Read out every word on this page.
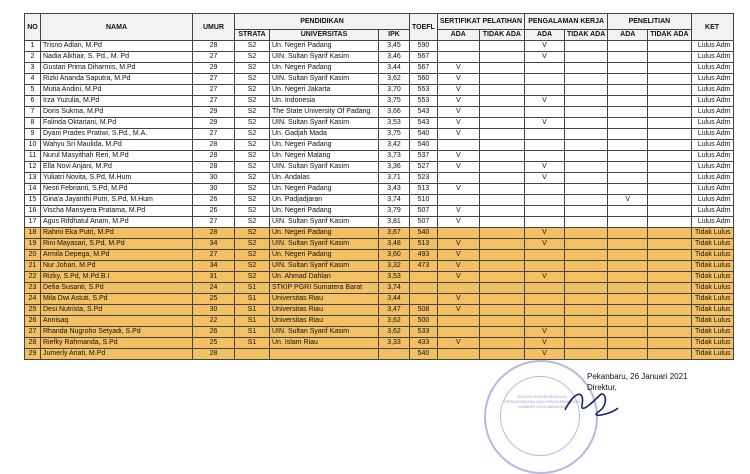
NO	NAMA	UMUR	PENDIDIKAN			TOEFL	SERTIFIKAT PELATIHAN		PENGALAMAN KERJA		PENELITIAN		KET
			STRATA	UNIVERSITAS	IPK		ADA	TIDAK ADA	ADA	TIDAK ADA	ADA	TIDAK ADA	
1	Trisno Adlan, M.Pd	28	S2	Un. Negeri Padang	3,45	590			V				Lulus Adm
2	Nadia Alkhair, S. Pd., M. Pd	27	S2	UIN. Sultan Syarif Kasim	3,46	567			V				Lulus Adm
3	Gustari Prima Diharmis, M.Pd	29	S2	Un. Negeri Padang	3,44	567	V						Lulus Adm
4	Rizki Ananda Saputra, M.Pd	27	S2	UIN. Sultan Syarif Kasim	3,62	560	V						Lulus Adm
5	Mutia Andini, M.Pd	27	S2	Un. Negeri Jakarta	3,70	553	V						Lulus Adm
6	Irza Yuzulia, M.Pd	27	S2	Un. Indonesia	3,75	553	V		V				Lulus Adm
7	Doris Sukma, M.Pd	29	S2	The State University Of Padang	3,66	543	V						Lulus Adm
8	Falinda Oktariani, M.Pd	29	S2	UIN. Sultan Syarif Kasim	3,53	543	V		V				Lulus Adm
9	Dyani Prades Pratiwi, S.Pd., M.A.	27	S2	Un. Gadjah Mada	3,75	540	V						Lulus Adm
10	Wahyu Sri Maulida, M.Pd	28	S2	Un. Negeri Padang	3,42	540							Lulus Adm
11	Nurul Masyithah Reri, M.Pd	28	S2	Un. Negeri Malang	3,73	537	V						Lulus Adm
12	Ella Novi Anjani, M.Pd	28	S2	UIN. Sultan Syarif Kasim	3,36	527	V		V				Lulus Adm
13	Yuliatri Novita, S.Pd, M.Hum	30	S2	Un. Andalas	3,71	523			V				Lulus Adm
14	Nesti Febrianti, S.Pd, M.Pd	30	S2	Un. Negeri Padang	3,43	513	V						Lulus Adm
15	Gina'a Jayanthi Putri, S.Pd, M.Hum	26	S2	Un. Padjadjaran	3,74	510					V		Lulus Adm
16	Vischa Mansyera Pratama, M.Pd	26	S2	Un. Negeri Padang	3,79	507	V						Lulus Adm
17	Agus Rifdhatul Anam, M.Pd	27	S2	UIN. Sultan Syarif Kasim	3,81	507	V						Lulus Adm
18	Rahmi Eka Putri, M.Pd	28	S2	Un. Negeri Padang	3,67	540			V				Tidak Lulus
19	Rini Mayasari, S.Pd, M.Pd	34	S2	UIN. Sultan Syarif Kasim	3,48	513	V		V				Tidak Lulus
20	Armila Depega, M.Pd	27	S2	Un. Negeri Padang	3,60	493	V						Tidak Lulus
21	Nur Johari, M.Pd	34	S2	UIN. Sultan Syarif Kasim	3,32	473	V						Tidak Lulus
22	Rizky, S.Pd, M.Pd.B.I	31	S2	Un. Ahmad Dahlan	3,53		V		V				Tidak Lulus
23	Defia Susanti, S.Pd	24	S1	STKIP PGRI Sumatera Barat	3,74								Tidak Lulus
24	Mila Dwi Astuti, S.Pd	25	S1	Universitas Riau	3,44		V						Tidak Lulus
25	Desi Nutrista, S.Pd	30	S1	Universitas Riau	3,47	508	V						Tidak Lulus
26	Annisaq	22	S1	Universitas Riau	3,62	500							Tidak Lulus
27	Rhanda Nugroho Setyadi, S.Pd	26	S1	UIN. Sultan Syarif Kasim	3,62	533			V				Tidak Lulus
28	Riefky Rahmanda, S.Pd	25	S1	Un. Islam Riau	3,33	433	V		V				Tidak Lulus
29	Jumerly Ariati, M.Pd	28				540			V				Tidak Lulus
BADAN PENGEMBANGAN PERDAGANGAN DAN PENGEMBANGAN SUMBER DAYA MANUSIA
Pekanbaru, 26 Januari 2021
Direktur,
